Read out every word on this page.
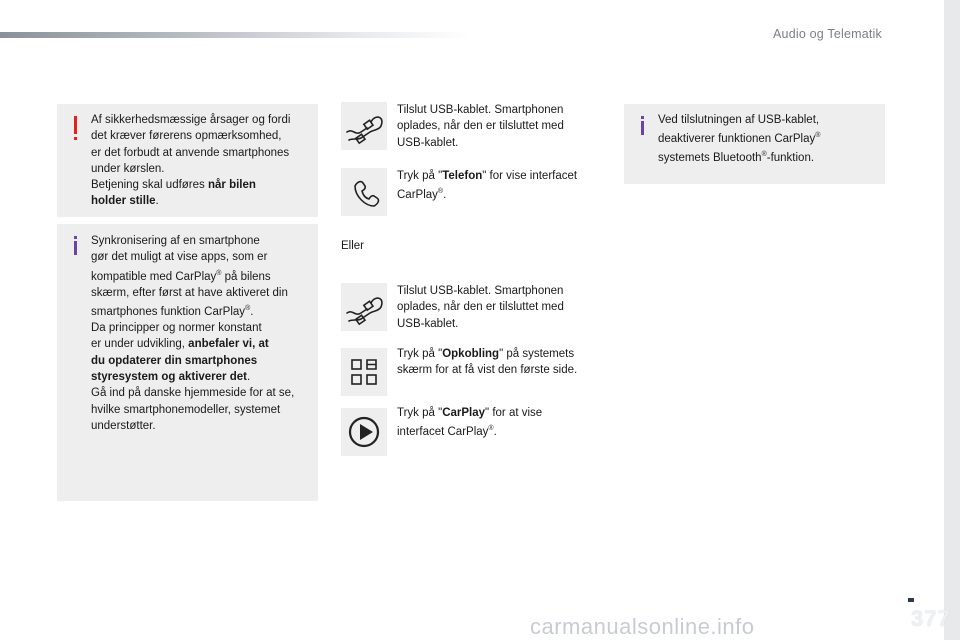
Audio og Telematik

Af sikkerhedsmæssige årsager og fordi

det kræver førerens opmærksomhed,

er det forbudt at anvende smartphones

under kørslen.

Betjening skal udføres når bilen

holder stille.

Synkronisering af en smartphone

gør det muligt at vise apps, som er

kompatible med CarPlay® på bilens

skærm, efter først at have aktiveret din

smartphones funktion CarPlay®.

Da principper og normer konstant

er under udvikling, anbefaler vi, at

du opdaterer din smartphones

styresystem og aktiverer det.

Gå ind på danske hjemmeside for at se,

hvilke smartphonemodeller, systemet

understøtter.

Tilslut USB-kablet. Smartphonen

oplades, når den er tilsluttet med

USB-kablet.

Tryk på "Telefon" for vise interfacet

CarPlay®.

Eller

Tilslut USB-kablet. Smartphonen

oplades, når den er tilsluttet med

USB-kablet.

Tryk på "Opkobling" på systemets

skærm for at få vist den første side.

Tryk på "CarPlay" for at vise

interfacet CarPlay®.

Ved tilslutningen af USB-kablet,

deaktiverer funktionen CarPlay®

systemets Bluetooth®-funktion.

377
carmanualsonline.info
